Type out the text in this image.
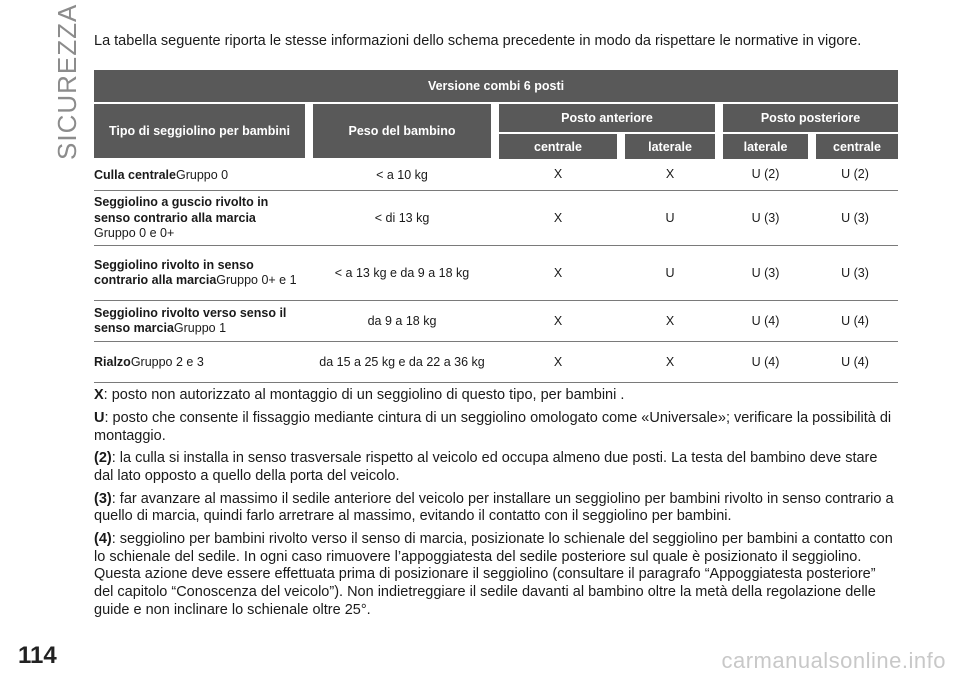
SICUREZZA
114	carmanualsonline.info

La tabella seguente riporta le stesse informazioni dello schema precedente in modo da rispettare le normative in vigore.

Versione combi 6 posti					
Tipo di seggiolino per bambini	Peso del bambino	Posto anteriore		Posto posteriore	
		centrale	laterale	laterale	centrale
Culla centraleGruppo 0	< a 10 kg	X	X	U (2)	U (2)
Seggiolino a guscio rivolto in senso contrario alla marcia
Gruppo 0 e 0+	< di 13 kg	X	U	U (3)	U (3)
Seggiolino rivolto in senso contrario alla marciaGruppo 0+ e 1	< a 13 kg e da 9 a 18 kg	X	U	U (3)	U (3)
Seggiolino rivolto verso senso il senso marciaGruppo 1	da 9 a 18 kg	X	X	U (4)	U (4)
RialzoGruppo 2 e 3	da 15 a 25 kg e da 22 a 36 kg	X	X	U (4)	U (4)

X: posto non autorizzato al montaggio di un seggiolino di questo tipo, per bambini .

U: posto che consente il fissaggio mediante cintura di un seggiolino omologato come «Universale»; verificare la possibilità di montaggio.

(2): la culla si installa in senso trasversale rispetto al veicolo ed occupa almeno due posti. La testa del bambino deve stare dal lato opposto a quello della porta del veicolo.

(3): far avanzare al massimo il sedile anteriore del veicolo per installare un seggiolino per bambini rivolto in senso contrario a quello di marcia, quindi farlo arretrare al massimo, evitando il contatto con il seggiolino per bambini.

(4): seggiolino per bambini rivolto verso il senso di marcia, posizionate lo schienale del seggiolino per bambini a contatto con lo schienale del sedile. In ogni caso rimuovere l’appoggiatesta del sedile posteriore sul quale è posizionato il seggiolino. Questa azione deve essere effettuata prima di posizionare il seggiolino (consultare il paragrafo “Appoggiatesta posteriore” del capitolo “Conoscenza del veicolo”). Non indietreggiare il sedile davanti al bambino oltre la metà della regolazione delle guide e non inclinare lo schienale oltre 25°.
